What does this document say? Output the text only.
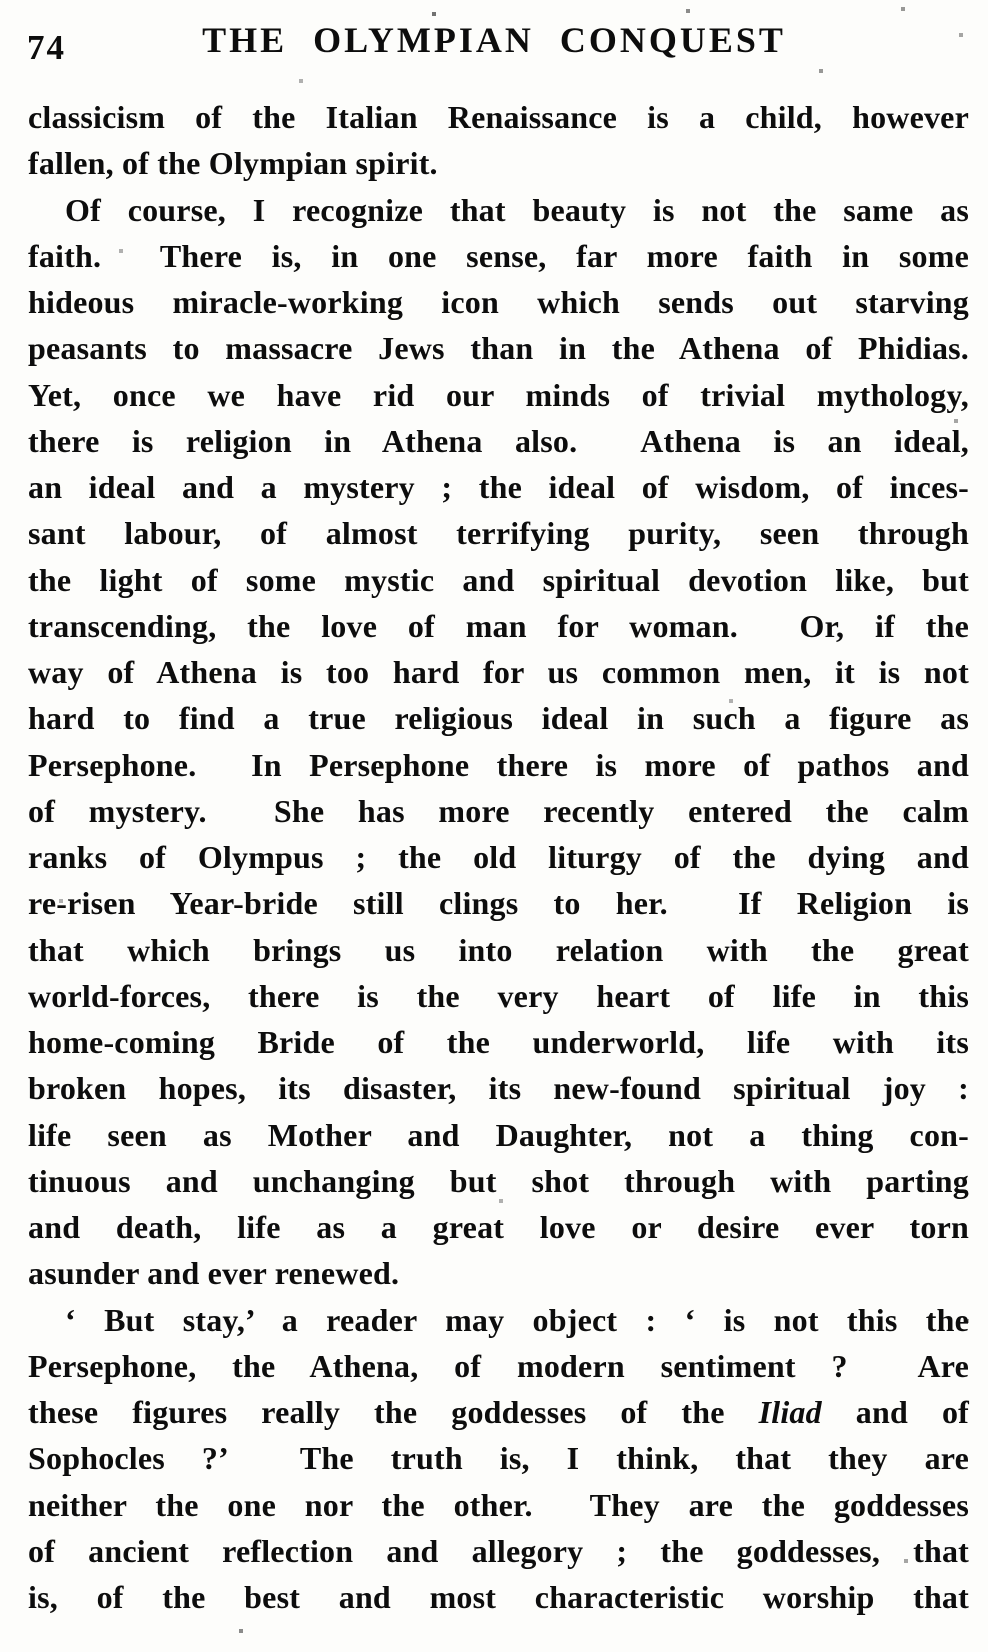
74	THE OLYMPIAN CONQUEST
classicism of the Italian Renaissance is a child, however
fallen, of the Olympian spirit.
Of course, I recognize that beauty is not the same as
faith.  There is, in one sense, far more faith in some
hideous miracle-working icon which sends out starving
peasants to massacre Jews than in the Athena of Phidias.
Yet, once we have rid our minds of trivial mythology,
there is religion in Athena also.  Athena is an ideal,
an ideal and a mystery ; the ideal of wisdom, of inces-
sant labour, of almost terrifying purity, seen through
the light of some mystic and spiritual devotion like, but
transcending, the love of man for woman.  Or, if the
way of Athena is too hard for us common men, it is not
hard to find a true religious ideal in such a figure as
Persephone.  In Persephone there is more of pathos and
of mystery.  She has more recently entered the calm
ranks of Olympus ; the old liturgy of the dying and
re-risen Year-bride still clings to her.  If Religion is
that which brings us into relation with the great
world-forces, there is the very heart of life in this
home-coming Bride of the underworld, life with its
broken hopes, its disaster, its new-found spiritual joy :
life seen as Mother and Daughter, not a thing con-
tinuous and unchanging but shot through with parting
and death, life as a great love or desire ever torn
asunder and ever renewed.
‘ But stay,’ a reader may object : ‘ is not this the
Persephone, the Athena, of modern sentiment ?  Are
these figures really the goddesses of the Iliad and of
Sophocles ?’  The truth is, I think, that they are
neither the one nor the other.  They are the goddesses
of ancient reflection and allegory ; the goddesses, that
is, of the best and most characteristic worship that
